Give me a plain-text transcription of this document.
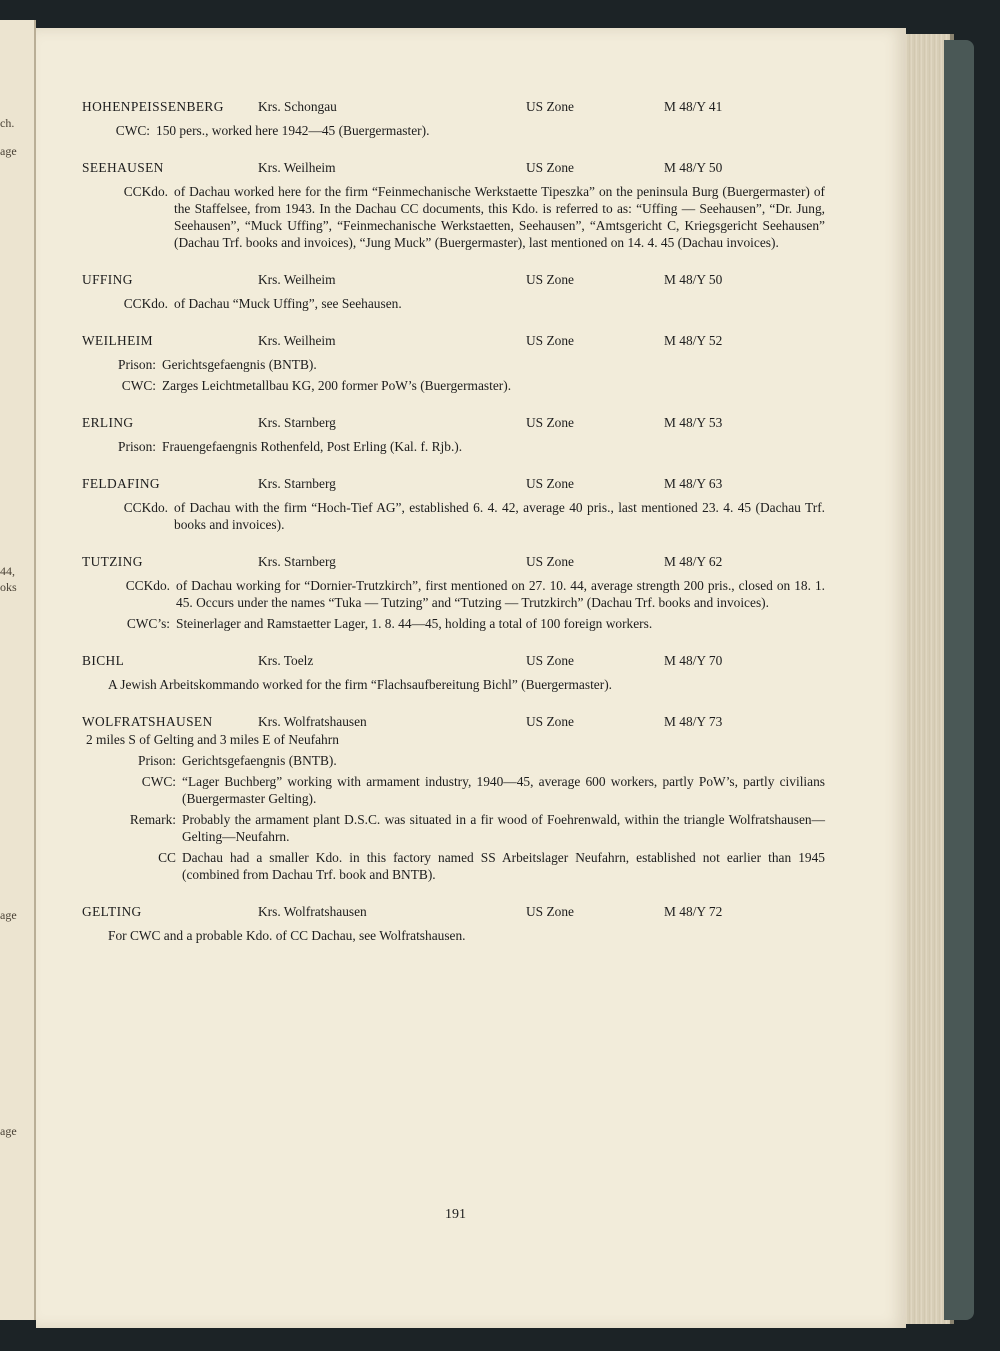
ch.
age
44,
oks
age
age
HOHENPEISSENBERG	Krs. Schongau	US Zone	M 48/Y 41
CWC: 150 pers., worked here 1942—45 (Buergermaster).
SEEHAUSEN	Krs. Weilheim	US Zone	M 48/Y 50
CCKdo. of Dachau worked here for the firm “Feinmechanische Werkstaette Tipeszka” on the peninsula Burg (Buergermaster) of the Staffelsee, from 1943. In the Dachau CC documents, this Kdo. is referred to as: “Uffing — Seehausen”, “Dr. Jung, Seehausen”, “Muck Uffing”, “Feinmechanische Werkstaetten, Seehausen”, “Amtsgericht C, Kriegsgericht Seehausen” (Dachau Trf. books and invoices), “Jung Muck” (Buergermaster), last mentioned on 14. 4. 45 (Dachau invoices).
UFFING	Krs. Weilheim	US Zone	M 48/Y 50
CCKdo. of Dachau “Muck Uffing”, see Seehausen.
WEILHEIM	Krs. Weilheim	US Zone	M 48/Y 52
Prison: Gerichtsgefaengnis (BNTB).
CWC: Zarges Leichtmetallbau KG, 200 former PoW’s (Buergermaster).
ERLING	Krs. Starnberg	US Zone	M 48/Y 53
Prison: Frauengefaengnis Rothenfeld, Post Erling (Kal. f. Rjb.).
FELDAFING	Krs. Starnberg	US Zone	M 48/Y 63
CCKdo. of Dachau with the firm “Hoch-Tief AG”, established 6. 4. 42, average 40 pris., last mentioned 23. 4. 45 (Dachau Trf. books and invoices).
TUTZING	Krs. Starnberg	US Zone	M 48/Y 62
CCKdo. of Dachau working for “Dornier-Trutzkirch”, first mentioned on 27. 10. 44, average strength 200 pris., closed on 18. 1. 45. Occurs under the names “Tuka — Tutzing” and “Tutzing — Trutzkirch” (Dachau Trf. books and invoices).
CWC’s: Steinerlager and Ramstaetter Lager, 1. 8. 44—45, holding a total of 100 foreign workers.
BICHL	Krs. Toelz	US Zone	M 48/Y 70
A Jewish Arbeitskommando worked for the firm “Flachsaufbereitung Bichl” (Buergermaster).
WOLFRATSHAUSEN	Krs. Wolfratshausen	US Zone	M 48/Y 73
2 miles S of Gelting and 3 miles E of Neufahrn
Prison: Gerichtsgefaengnis (BNTB).
CWC: “Lager Buchberg” working with armament industry, 1940—45, average 600 workers, partly PoW’s, partly civilians (Buergermaster Gelting).
Remark: Probably the armament plant D.S.C. was situated in a fir wood of Foehrenwald, within the triangle Wolfratshausen—Gelting—Neufahrn.
CC Dachau had a smaller Kdo. in this factory named SS Arbeitslager Neufahrn, established not earlier than 1945 (combined from Dachau Trf. book and BNTB).
GELTING	Krs. Wolfratshausen	US Zone	M 48/Y 72
For CWC and a probable Kdo. of CC Dachau, see Wolfratshausen.
191
